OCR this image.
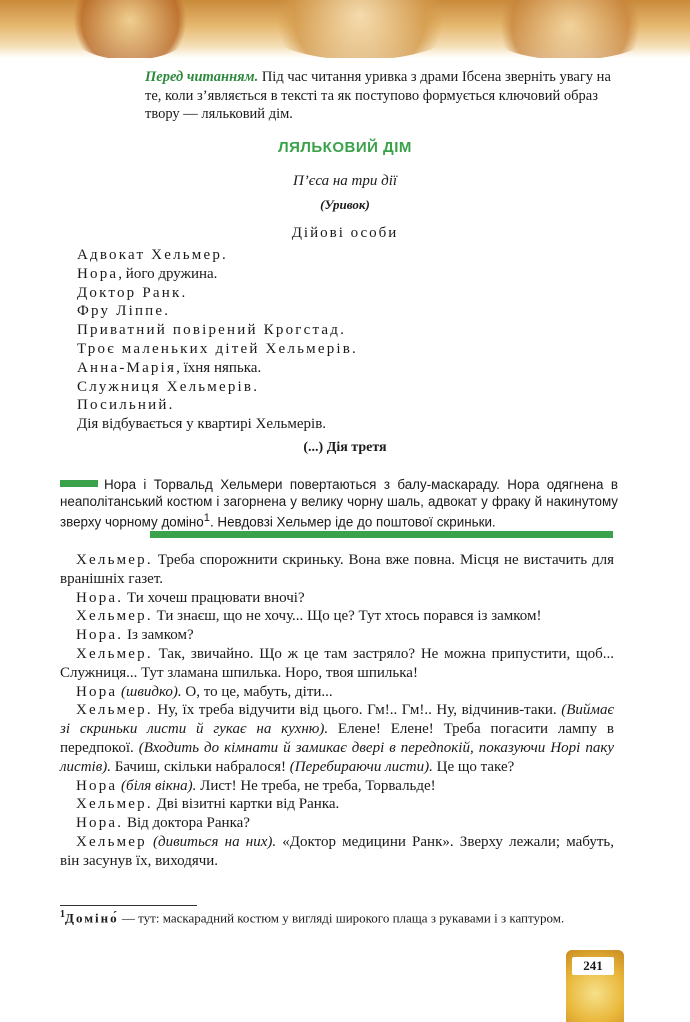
Перед читанням. Під час читання уривка з драми Ібсена зверніть увагу на те, коли з’являється в тексті та як поступово формується ключовий образ твору — ляльковий дім.
ЛЯЛЬКОВИЙ ДІМ
П’єса на три дії
(Уривок)
Дійові особи
Адвокат Хельмер.
Нора, його дружина.
Доктор Ранк.
Фру Ліппе.
Приватний повірений Крогстад.
Троє маленьких дітей Хельмерів.
Анна-Марія, їхня няпька.
Служниця Хельмерів.
Посильний.
Дія відбувається у квартирі Хельмерів.
(...) Дія третя
Нора і Торвальд Хельмери повертаються з балу-маскараду. Нора одягнена в неаполітанський костюм і загорнена у велику чорну шаль, адвокат у фраку й накинутому зверху чорному доміно$^1$. Невдовзі Хельмер іде до поштової скриньки.

Хельмер. Треба спорожнити скриньку. Вона вже повна. Місця не вистачить для вранішніх газет.

Нора. Ти хочеш працювати вночі?

Хельмер. Ти знаєш, що не хочу... Що це? Тут хтось порався із замком!

Нора. Із замком?

Хельмер. Так, звичайно. Що ж це там застряло? Не можна припустити, щоб... Служниця... Тут зламана шпилька. Норо, твоя шпилька!

Нора (швидко). О, то це, мабуть, діти...

Хельмер. Ну, їх треба відучити від цього. Гм!.. Гм!.. Ну, відчинив-таки. (Виймає зі скриньки листи й гукає на кухню). Елене! Елене! Треба погасити лампу в передпокої. (Входить до кімнати й замикає двері в передпокій, показуючи Норі паку листів). Бачиш, скільки набралося! (Перебираючи листи). Це що таке?

Нора (біля вікна). Лист! Не треба, не треба, Торвальде!

Хельмер. Дві візитні картки від Ранка.

Нора. Від доктора Ранка?

Хельмер (дивиться на них). «Доктор медицини Ранк». Зверху лежали; мабуть, він засунув їх, виходячи.

$^1$Доміно́ — тут: маскарадний костюм у вигляді широкого плаща з рукавами і з каптуром.
241
